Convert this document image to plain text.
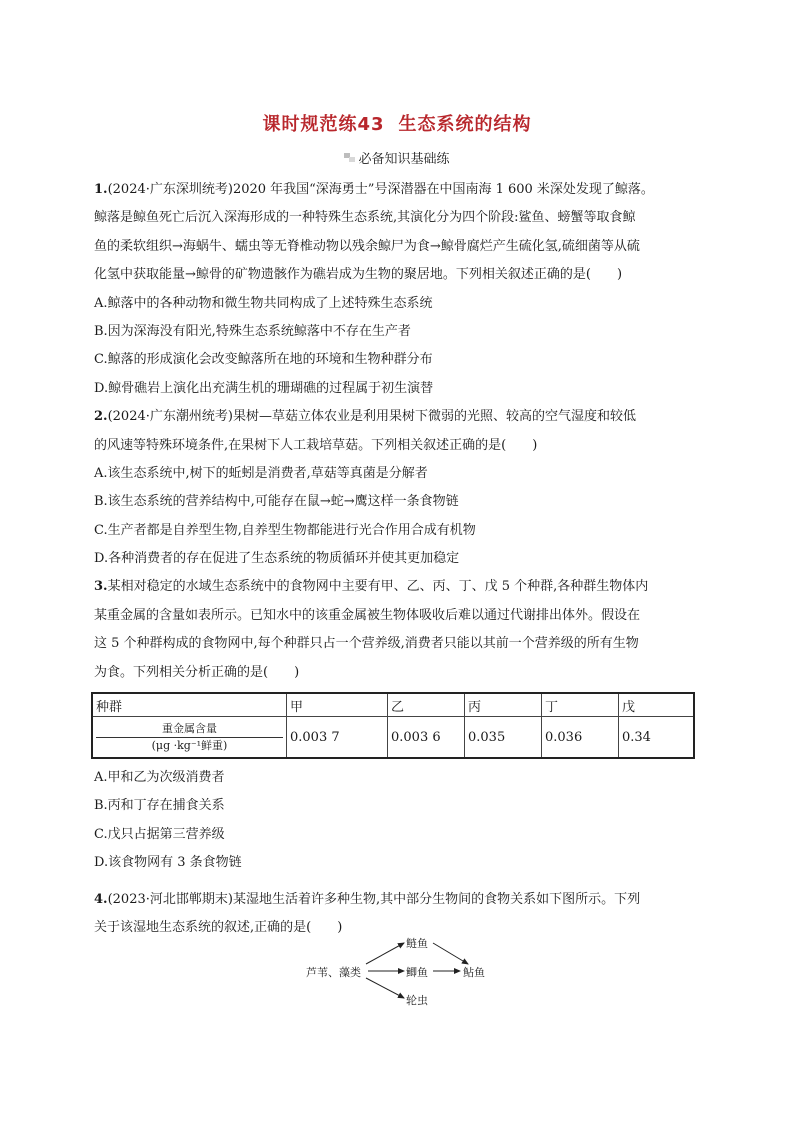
课时规范练43 生态系统的结构
必备知识基础练
1.(2024·广东深圳统考)2020 年我国“深海勇士”号深潜器在中国南海 1 600 米深处发现了鲸落。
鲸落是鲸鱼死亡后沉入深海形成的一种特殊生态系统,其演化分为四个阶段:鲨鱼、螃蟹等取食鲸
鱼的柔软组织→海蜗牛、蠕虫等无脊椎动物以残余鲸尸为食→鲸骨腐烂产生硫化氢,硫细菌等从硫
化氢中获取能量→鲸骨的矿物遗骸作为礁岩成为生物的聚居地。下列相关叙述正确的是(　　)
A.鲸落中的各种动物和微生物共同构成了上述特殊生态系统
B.因为深海没有阳光,特殊生态系统鲸落中不存在生产者
C.鲸落的形成演化会改变鲸落所在地的环境和生物种群分布
D.鲸骨礁岩上演化出充满生机的珊瑚礁的过程属于初生演替
2.(2024·广东潮州统考)果树—草菇立体农业是利用果树下微弱的光照、较高的空气湿度和较低
的风速等特殊环境条件,在果树下人工栽培草菇。下列相关叙述正确的是(　　)
A.该生态系统中,树下的蚯蚓是消费者,草菇等真菌是分解者
B.该生态系统的营养结构中,可能存在鼠→蛇→鹰这样一条食物链
C.生产者都是自养型生物,自养型生物都能进行光合作用合成有机物
D.各种消费者的存在促进了生态系统的物质循环并使其更加稳定
3.某相对稳定的水域生态系统中的食物网中主要有甲、乙、丙、丁、戊 5 个种群,各种群生物体内
某重金属的含量如表所示。已知水中的该重金属被生物体吸收后难以通过代谢排出体外。假设在
这 5 个种群构成的食物网中,每个种群只占一个营养级,消费者只能以其前一个营养级的所有生物
为食。下列相关分析正确的是(　　)
种群	甲	乙	丙	丁	戊

重金属含量
(μg ·kg⁻¹鲜重)	0.003 7	0.003 6	0.035	0.036	0.34
A.甲和乙为次级消费者
B.丙和丁存在捕食关系
C.戊只占据第三营养级
D.该食物网有 3 条食物链
4.(2023·河北邯郸期末)某湿地生活着许多种生物,其中部分生物间的食物关系如下图所示。下列
关于该湿地生态系统的叙述,正确的是(　　)
芦苇、藻类
鲢鱼
鲫鱼	鲇鱼
轮虫
